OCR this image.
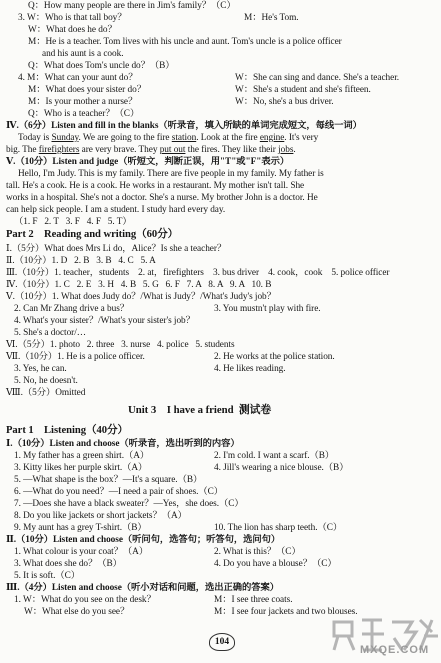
Q：How many people are there in Jim's family？（C）
3. W：Who is that tall boy？	M：He's Tom.
W：What does he do？
M：He is a teacher. Tom lives with his uncle and aunt. Tom's uncle is a police officer
and his aunt is a cook.
Q：What does Tom's uncle do？（B）
4. M：What can your aunt do？	W：She can sing and dance. She's a teacher.
M：What does your sister do？	W：She's a student and she's fifteen.
M：Is your mother a nurse？	W：No, she's a bus driver.
Q：Who is a teacher？（C）
Ⅳ.（6分）Listen and fill in the blanks（听录音，填入所缺的单词完成短文，每线一词）
Today is Sunday. We are going to the fire station. Look at the fire engine. It's very
big. The firefighters are very brave. They put out the fires. They like their jobs.
Ⅴ.（10分）Listen and judge（听短文，判断正误，用"T"或"F"表示）
Hello, I'm Judy. This is my family. There are five people in my family. My father is
tall. He's a cook. He is a cook. He works in a restaurant. My mother isn't tall. She
works in a hospital. She's not a doctor. She's a nurse. My brother John is a doctor. He
can help sick people. I am a student. I study hard every day.
（1. F   2. T   3. F   4. F   5. T）
Part 2    Reading and writing（60分）
Ⅰ.（5分）What does Mrs Li do，Alice？Is she a teacher？
Ⅱ.（10分）1. D   2. B   3. B   4. C   5. A
Ⅲ.（10分）1. teacher，students    2. at，firefighters    3. bus driver    4. cook，cook    5. police officer
Ⅳ.（10分）1. C   2. E   3. H   4. B   5. G   6. F   7. A   8. A   9. A   10. B
Ⅴ.（10分）1. What does Judy do？/What is Judy？/What's Judy's job？
2. Can Mr Zhang drive a bus？	3. You mustn't play with fire.
4. What's your sister？/What's your sister's job？
5. She's a doctor/…
Ⅵ.（5分）1. photo   2. three   3. nurse   4. police   5. students
Ⅶ.（10分）1. He is a police officer.	2. He works at the police station.
3. Yes, he can.	4. He likes reading.
5. No, he doesn't.
Ⅷ.（5分）Omitted
Unit 3    I have a friend  测试卷
Part 1    Listening（40分）
Ⅰ.（10分）Listen and choose（听录音，选出听到的内容）
1. My father has a green shirt.（A）	2. I'm cold. I want a scarf.（B）
3. Kitty likes her purple skirt.（A）	4. Jill's wearing a nice blouse.（B）
5. —What shape is the box？—It's a square.（B）
6. —What do you need？—I need a pair of shoes.（C）
7. —Does she have a black sweater？—Yes，she does.（C）
8. Do you like jackets or short jackets？（A）
9. My aunt has a grey T-shirt.（B）	10. The lion has sharp teeth.（C）
Ⅱ.（10分）Listen and choose（听问句，选答句；听答句，选问句）
1. What colour is your coat？（A）	2. What is this？（C）
3. What does she do？（B）	4. Do you have a blouse？（C）
5. It is soft.（C）
Ⅲ.（4分）Listen and choose（听小对话和问题，选出正确的答案）
1. W：What do you see on the desk？	M：I see three coats.
W：What else do you see？	M：I see four jackets and two blouses.
104
MXQE.COM
